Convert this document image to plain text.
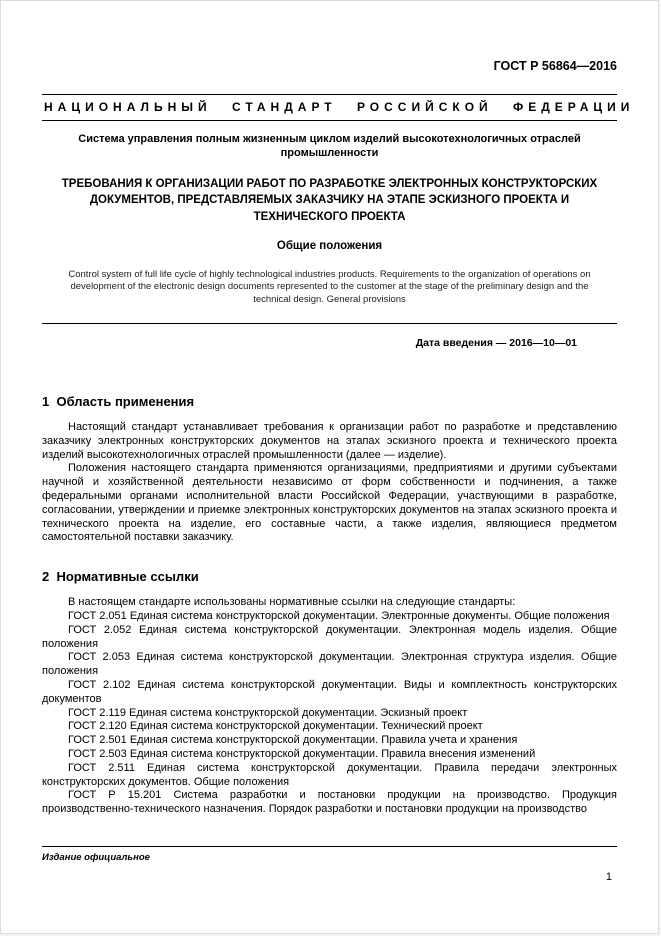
ГОСТ Р 56864—2016
НАЦИОНАЛЬНЫЙ СТАНДАРТ РОССИЙСКОЙ ФЕДЕРАЦИИ
Система управления полным жизненным циклом изделий высокотехнологичных отраслей промышленности
ТРЕБОВАНИЯ К ОРГАНИЗАЦИИ РАБОТ ПО РАЗРАБОТКЕ ЭЛЕКТРОННЫХ КОНСТРУКТОРСКИХ ДОКУМЕНТОВ, ПРЕДСТАВЛЯЕМЫХ ЗАКАЗЧИКУ НА ЭТАПЕ ЭСКИЗНОГО ПРОЕКТА И ТЕХНИЧЕСКОГО ПРОЕКТА
Общие положения
Control system of full life cycle of highly technological industries products. Requirements to the organization of operations on development of the electronic design documents represented to the customer at the stage of the preliminary design and the technical design. General provisions
Дата введения — 2016—10—01
1  Область применения

Настоящий стандарт устанавливает требования к организации работ по разработке и представлению заказчику электронных конструкторских документов на этапах эскизного проекта и технического проекта изделий высокотехнологичных отраслей промышленности (далее — изделие).

Положения настоящего стандарта применяются организациями, предприятиями и другими субъектами научной и хозяйственной деятельности независимо от форм собственности и подчинения, а также федеральными органами исполнительной власти Российской Федерации, участвующими в разработке, согласовании, утверждении и приемке электронных конструкторских документов на этапах эскизного проекта и технического проекта на изделие, его составные части, а также изделия, являющиеся предметом самостоятельной поставки заказчику.

2  Нормативные ссылки

В настоящем стандарте использованы нормативные ссылки на следующие стандарты:

ГОСТ 2.051 Единая система конструкторской документации. Электронные документы. Общие положения

ГОСТ 2.052 Единая система конструкторской документации. Электронная модель изделия. Общие положения

ГОСТ 2.053 Единая система конструкторской документации. Электронная структура изделия. Общие положения

ГОСТ 2.102 Единая система конструкторской документации. Виды и комплектность конструкторских документов

ГОСТ 2.119 Единая система конструкторской документации. Эскизный проект

ГОСТ 2.120 Единая система конструкторской документации. Технический проект

ГОСТ 2.501 Единая система конструкторской документации. Правила учета и хранения

ГОСТ 2.503 Единая система конструкторской документации. Правила внесения изменений

ГОСТ 2.511 Единая система конструкторской документации. Правила передачи электронных конструкторских документов. Общие положения

ГОСТ Р 15.201 Система разработки и постановки продукции на производство. Продукция производственно-технического назначения. Порядок разработки и постановки продукции на производство

Издание официальное
1
